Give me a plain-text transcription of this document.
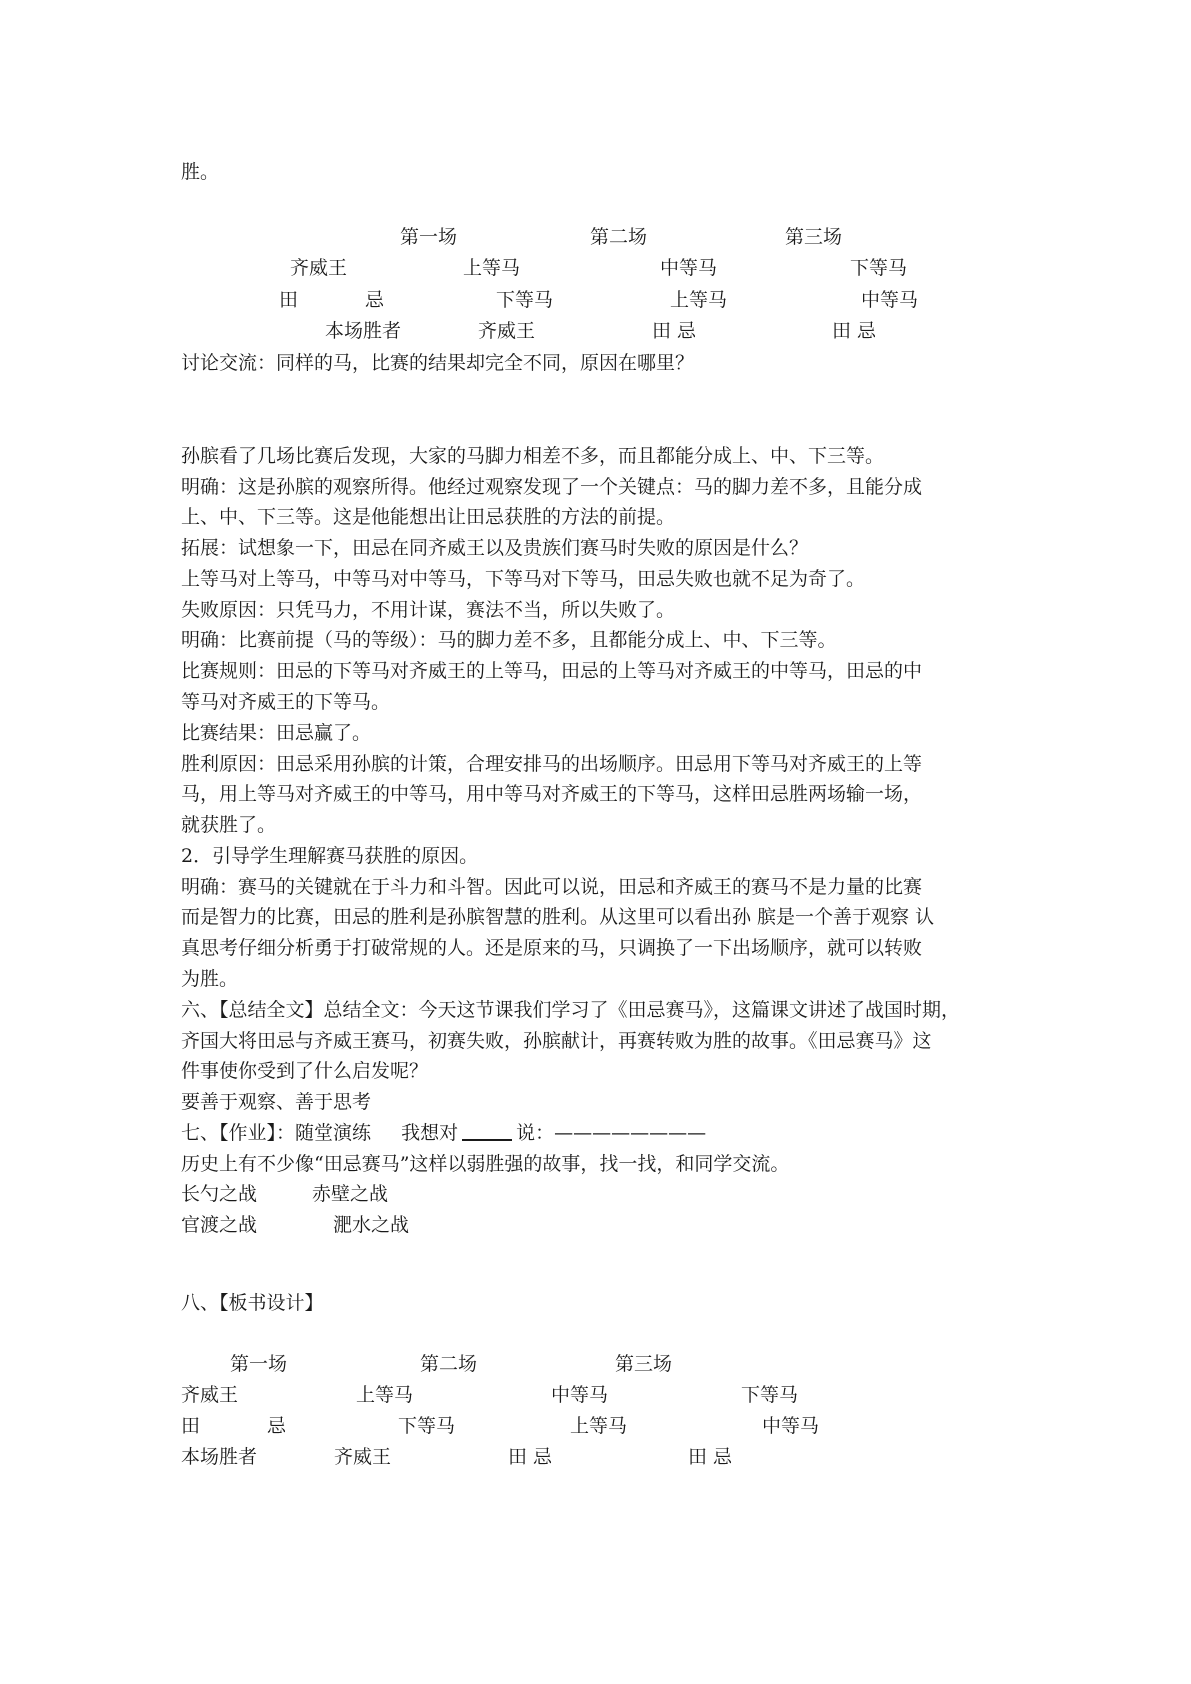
胜。
第一场	第二场	第三场
齐威王	上等马	中等马	下等马
田	忌	下等马	上等马	中等马
本场胜者	齐威王	田 忌	田 忌
讨论交流：同样的马，比赛的结果却完全不同，原因在哪里？
孙膑看了几场比赛后发现，大家的马脚力相差不多，而且都能分成上、中、下三等。
明确：这是孙膑的观察所得。他经过观察发现了一个关键点：马的脚力差不多，且能分成
上、中、下三等。这是他能想出让田忌获胜的方法的前提。
拓展：试想象一下，田忌在同齐威王以及贵族们赛马时失败的原因是什么？
上等马对上等马，中等马对中等马，下等马对下等马，田忌失败也就不足为奇了。
失败原因：只凭马力，不用计谋，赛法不当，所以失败了。
明确：比赛前提（马的等级）：马的脚力差不多，且都能分成上、中、下三等。
比赛规则：田忌的下等马对齐威王的上等马，田忌的上等马对齐威王的中等马，田忌的中
等马对齐威王的下等马。
比赛结果：田忌赢了。
胜利原因：田忌采用孙膑的计策，合理安排马的出场顺序。田忌用下等马对齐威王的上等
马，用上等马对齐威王的中等马，用中等马对齐威王的下等马，这样田忌胜两场输一场，
就获胜了。
2．引导学生理解赛马获胜的原因。
明确：赛马的关键就在于斗力和斗智。因此可以说，田忌和齐威王的赛马不是力量的比赛
而是智力的比赛，田忌的胜利是孙膑智慧的胜利。从这里可以看出孙 膑是一个善于观察 认
真思考仔细分析勇于打破常规的人。还是原来的马，只调换了一下出场顺序，就可以转败
为胜。
六、【总结全文】总结全文：今天这节课我们学习了《田忌赛马》，这篇课文讲述了战国时期，
齐国大将田忌与齐威王赛马，初赛失败，孙膑献计，再赛转败为胜的故事。《田忌赛马》这
件事使你受到了什么启发呢？
要善于观察、善于思考
七、【作业】：随堂演练 我想对	说：————————
历史上有不少像“田忌赛马”这样以弱胜强的故事，找一找，和同学交流。
长勺之战	赤壁之战
官渡之战	淝水之战
八、【板书设计】
第一场	第二场	第三场
齐威王	上等马	中等马	下等马
田	忌	下等马	上等马	中等马
本场胜者	齐威王	田 忌	田 忌
